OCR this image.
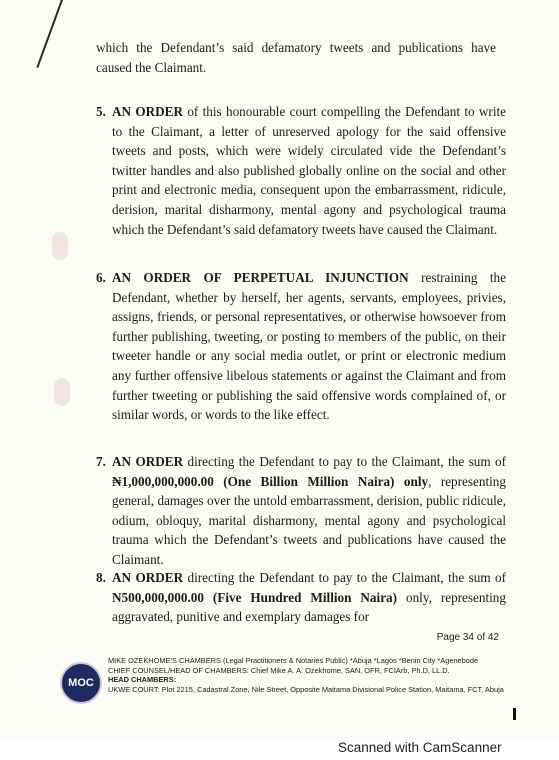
which the Defendant’s said defamatory tweets and publications have caused the Claimant.

5. AN ORDER of this honourable court compelling the Defendant to write to the Claimant, a letter of unreserved apology for the said offensive tweets and posts, which were widely circulated vide the Defendant’s twitter handles and also published globally online on the social and other print and electronic media, consequent upon the embarrassment, ridicule, derision, marital disharmony, mental agony and psychological trauma which the Defendant’s said defamatory tweets have caused the Claimant.
6. AN ORDER OF PERPETUAL INJUNCTION restraining the Defendant, whether by herself, her agents, servants, employees, privies, assigns, friends, or personal representatives, or otherwise howsoever from further publishing, tweeting, or posting to members of the public, on their tweeter handle or any social media outlet, or print or electronic medium any further offensive libelous statements or against the Claimant and from further tweeting or publishing the said offensive words complained of, or similar words, or words to the like effect.
7. AN ORDER directing the Defendant to pay to the Claimant, the sum of ₦1,000,000,000.00 (One Billion Million Naira) only, representing general, damages over the untold embarrassment, derision, public ridicule, odium, obloquy, marital disharmony, mental agony and psychological trauma which the Defendant’s tweets and publications have caused the Claimant.
8. AN ORDER directing the Defendant to pay to the Claimant, the sum of N500,000,000.00 (Five Hundred Million Naira) only, representing aggravated, punitive and exemplary damages for
Page 34 of 42
MOC
MIKE OZEKHOME’S CHAMBERS (Legal Practitioners & Notaries Public) *Abuja *Lagos *Benin City *Agenebode
CHIEF COUNSEL/HEAD OF CHAMBERS: Chief Mike A. A. Ozekhome, SAN, OFR, FCIArb, Ph.D, LL.D.
HEAD CHAMBERS:
UKWE COURT: Plot 2215, Cadastral Zone, Nile Street, Opposite Maitama Divisional Police Station, Maitama, FCT, Abuja
Scanned with CamScanner
